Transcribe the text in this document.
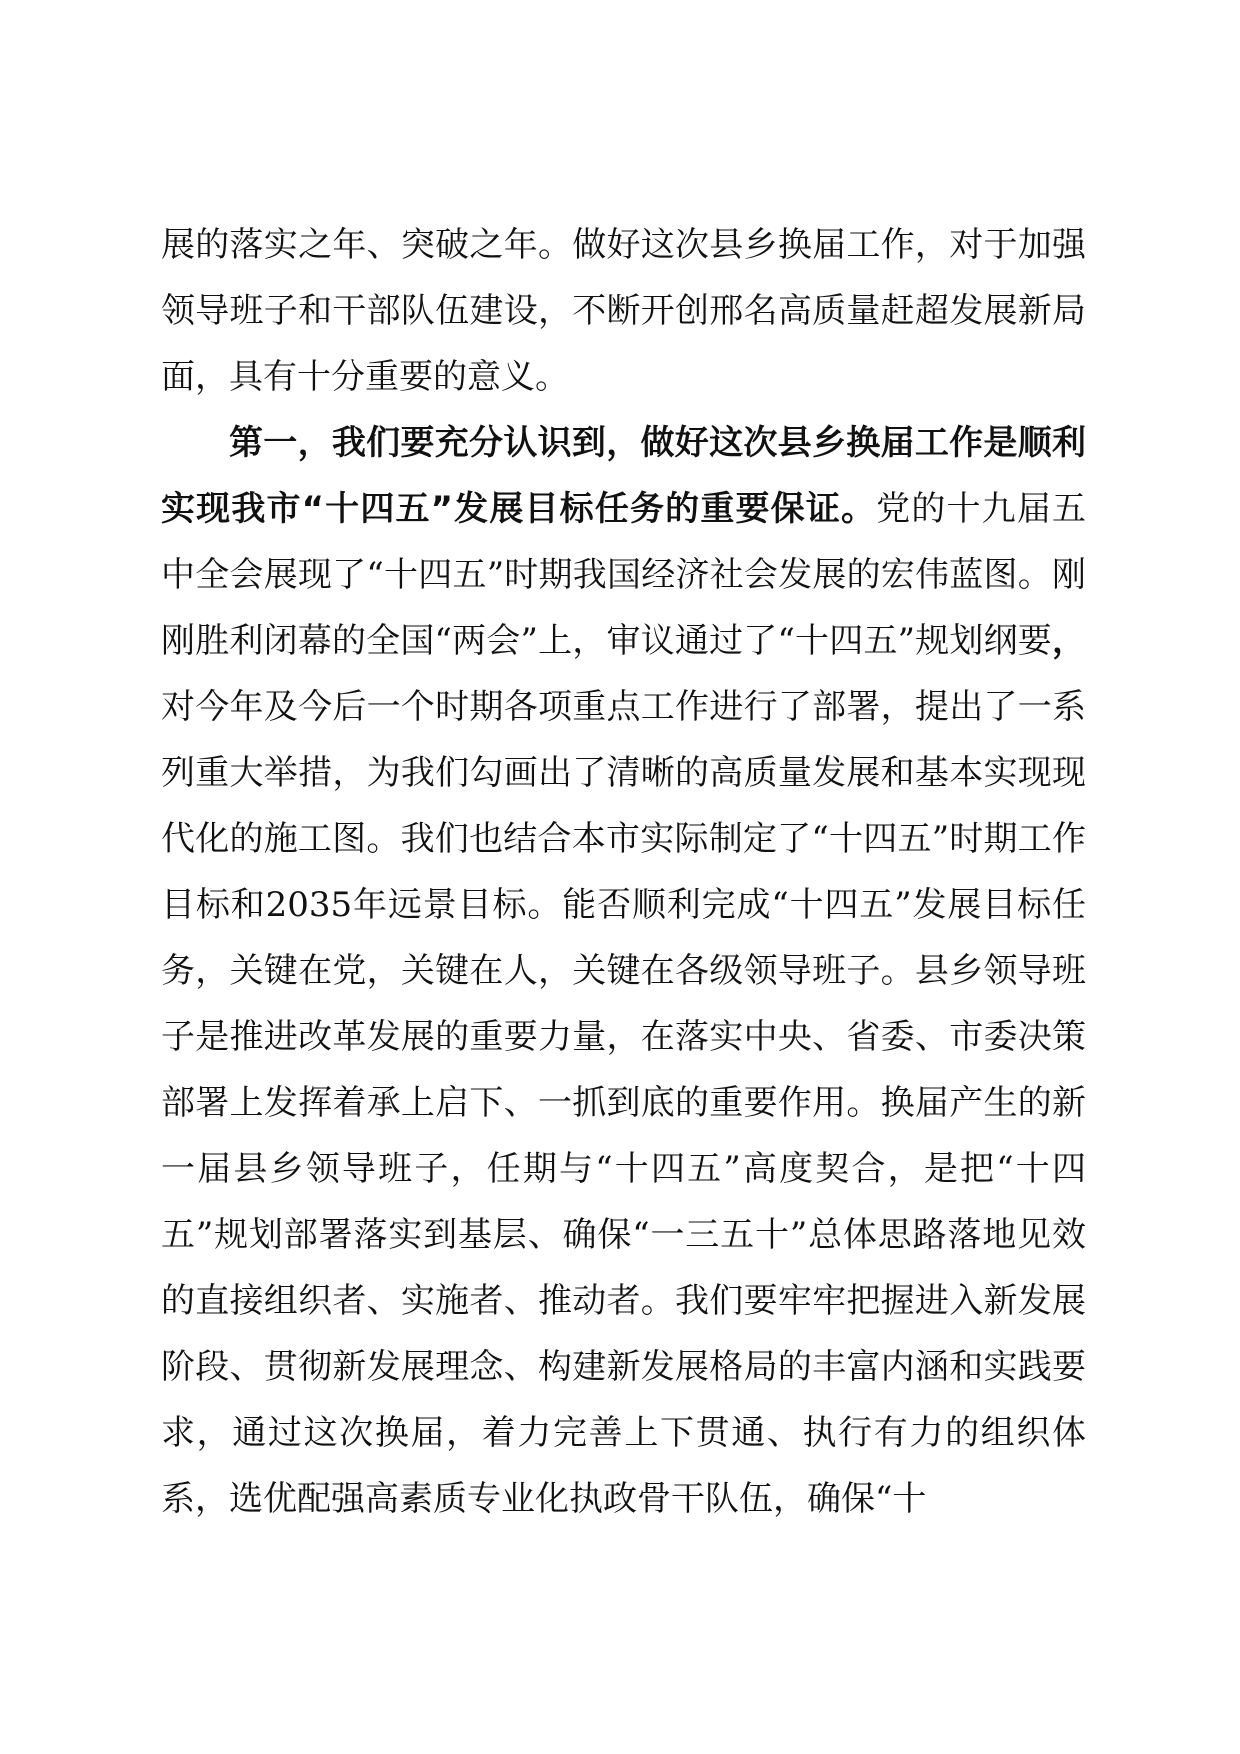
展的落实之年、突破之年。做好这次县乡换届工作，对于加强领导班子和干部队伍建设，不断开创邢名高质量赶超发展新局面，具有十分重要的意义。

第一，我们要充分认识到，做好这次县乡换届工作是顺利实现我市“十四五”发展目标任务的重要保证。党的十九届五中全会展现了“十四五”时期我国经济社会发展的宏伟蓝图。刚刚胜利闭幕的全国“两会”上，审议通过了“十四五”规划纲要，对今年及今后一个时期各项重点工作进行了部署，提出了一系列重大举措，为我们勾画出了清晰的高质量发展和基本实现现代化的施工图。我们也结合本市实际制定了“十四五”时期工作目标和2035年远景目标。能否顺利完成“十四五”发展目标任务，关键在党，关键在人，关键在各级领导班子。县乡领导班子是推进改革发展的重要力量，在落实中央、省委、市委决策部署上发挥着承上启下、一抓到底的重要作用。换届产生的新一届县乡领导班子，任期与“十四五”高度契合，是把“十四五”规划部署落实到基层、确保“一三五十”总体思路落地见效的直接组织者、实施者、推动者。我们要牢牢把握进入新发展阶段、贯彻新发展理念、构建新发展格局的丰富内涵和实践要求，通过这次换届，着力完善上下贯通、执行有力的组织体系，选优配强高素质专业化执政骨干队伍，确保“十
